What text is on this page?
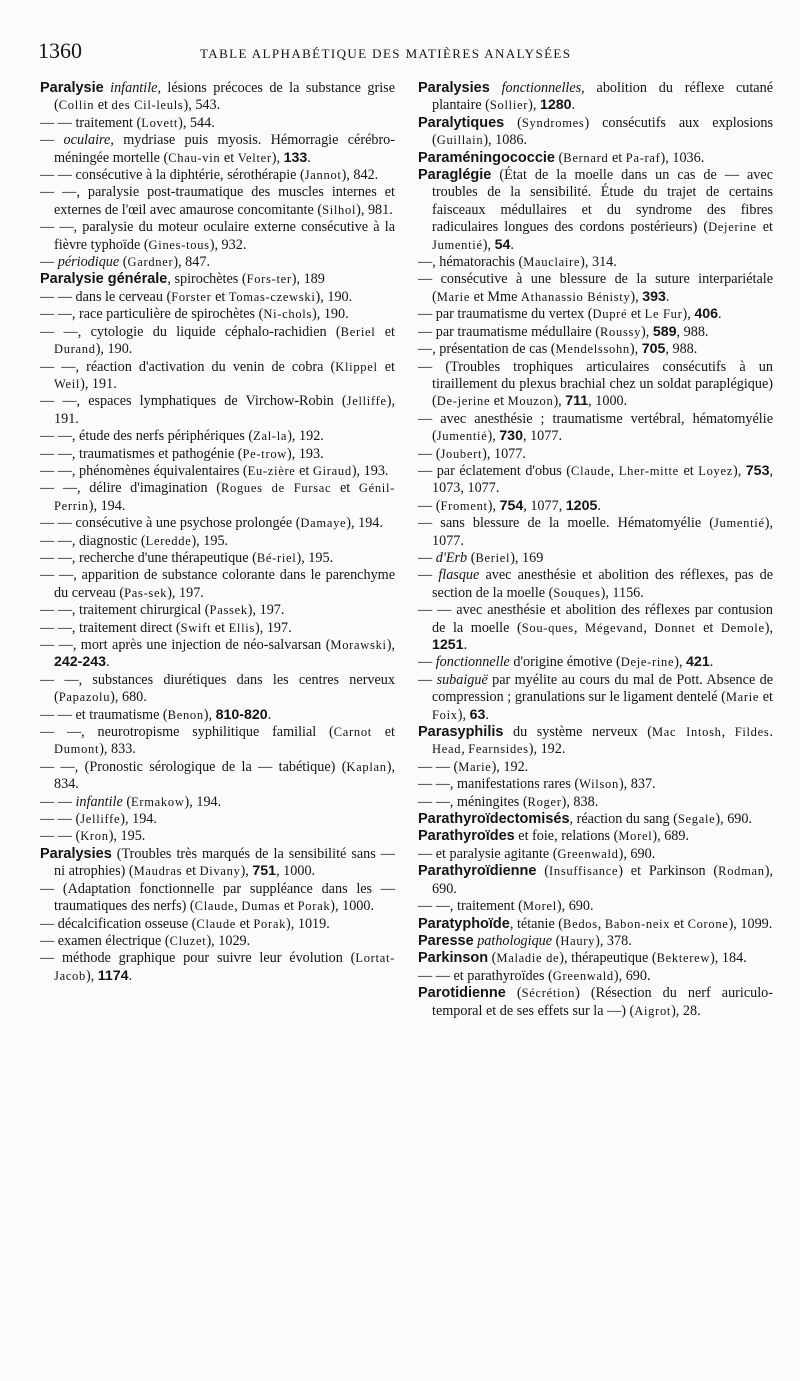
1360	TABLE ALPHABÉTIQUE DES MATIÈRES ANALYSÉES

Paralysie infantile, lésions précoces de la substance grise (Collin et des Cil-leuls), 543.

— — traitement (Lovett), 544.

— oculaire, mydriase puis myosis. Hémorragie cérébro-méningée mortelle (Chau-vin et Velter), 133.

— — consécutive à la diphtérie, sérothérapie (Jannot), 842.

— —, paralysie post-traumatique des muscles internes et externes de l'œil avec amaurose concomitante (Silhol), 981.

— —, paralysie du moteur oculaire externe consécutive à la fièvre typhoïde (Gines-tous), 932.

— périodique (Gardner), 847.

Paralysie générale, spirochètes (Fors-ter), 189

— — dans le cerveau (Forster et Tomas-czewski), 190.

— —, race particulière de spirochètes (Ni-chols), 190.

— —, cytologie du liquide céphalo-rachidien (Beriel et Durand), 190.

— —, réaction d'activation du venin de cobra (Klippel et Weil), 191.

— —, espaces lymphatiques de Virchow-Robin (Jelliffe), 191.

— —, étude des nerfs périphériques (Zal-la), 192.

— —, traumatismes et pathogénie (Pe-trow), 193.

— —, phénomènes équivalentaires (Eu-zière et Giraud), 193.

— —, délire d'imagination (Rogues de Fursac et Génil-Perrin), 194.

— — consécutive à une psychose prolongée (Damaye), 194.

— —, diagnostic (Leredde), 195.

— —, recherche d'une thérapeutique (Bé-riel), 195.

— —, apparition de substance colorante dans le parenchyme du cerveau (Pas-sek), 197.

— —, traitement chirurgical (Passek), 197.

— —, traitement direct (Swift et Ellis), 197.

— —, mort après une injection de néo-salvarsan (Morawski), 242-243.

— —, substances diurétiques dans les centres nerveux (Papazolu), 680.

— — et traumatisme (Benon), 810-820.

— —, neurotropisme syphilitique familial (Carnot et Dumont), 833.

— —, (Pronostic sérologique de la — tabétique) (Kaplan), 834.

— — infantile (Ermakow), 194.

— — (Jelliffe), 194.

— — (Kron), 195.

Paralysies (Troubles très marqués de la sensibilité sans — ni atrophies) (Maudras et Divany), 751, 1000.

— (Adaptation fonctionnelle par suppléance dans les — traumatiques des nerfs) (Claude, Dumas et Porak), 1000.

— décalcification osseuse (Claude et Porak), 1019.

— examen électrique (Cluzet), 1029.

— méthode graphique pour suivre leur évolution (Lortat-Jacob), 1174.

Paralysies fonctionnelles, abolition du réflexe cutané plantaire (Sollier), 1280.

Paralytiques (Syndromes) consécutifs aux explosions (Guillain), 1086.

Paraméningococcie (Bernard et Pa-raf), 1036.

Paraglégie (État de la moelle dans un cas de — avec troubles de la sensibilité. Étude du trajet de certains faisceaux médullaires et du syndrome des fibres radiculaires longues des cordons postérieurs) (Dejerine et Jumentié), 54.

—, hématorachis (Mauclaire), 314.

— consécutive à une blessure de la suture interpariétale (Marie et Mme Athanassio Bénisty), 393.

— par traumatisme du vertex (Dupré et Le Fur), 406.

— par traumatisme médullaire (Roussy), 589, 988.

—, présentation de cas (Mendelssohn), 705, 988.

— (Troubles trophiques articulaires consécutifs à un tiraillement du plexus brachial chez un soldat paraplégique) (De-jerine et Mouzon), 711, 1000.

— avec anesthésie ; traumatisme vertébral, hématomyélie (Jumentié), 730, 1077.

— (Joubert), 1077.

— par éclatement d'obus (Claude, Lher-mitte et Loyez), 753, 1073, 1077.

— (Froment), 754, 1077, 1205.

— sans blessure de la moelle. Hématomyélie (Jumentié), 1077.

— d'Erb (Beriel), 169

— flasque avec anesthésie et abolition des réflexes, pas de section de la moelle (Souques), 1156.

— — avec anesthésie et abolition des réflexes par contusion de la moelle (Sou-ques, Mégevand, Donnet et Demole), 1251.

— fonctionnelle d'origine émotive (Deje-rine), 421.

— subaiguë par myélite au cours du mal de Pott. Absence de compression ; granulations sur le ligament dentelé (Marie et Foix), 63.

Parasyphilis du système nerveux (Mac Intosh, Fildes. Head, Fearnsides), 192.

— — (Marie), 192.

— —, manifestations rares (Wilson), 837.

— —, méningites (Roger), 838.

Parathyroïdectomisés, réaction du sang (Segale), 690.

Parathyroïdes et foie, relations (Morel), 689.

— et paralysie agitante (Greenwald), 690.

Parathyroïdienne (Insuffisance) et Parkinson (Rodman), 690.

— —, traitement (Morel), 690.

Paratyphoïde, tétanie (Bedos, Babon-neix et Corone), 1099.

Paresse pathologique (Haury), 378.

Parkinson (Maladie de), thérapeutique (Bekterew), 184.

— — et parathyroïdes (Greenwald), 690.

Parotidienne (Sécrétion) (Résection du nerf auriculo-temporal et de ses effets sur la —) (Aigrot), 28.
